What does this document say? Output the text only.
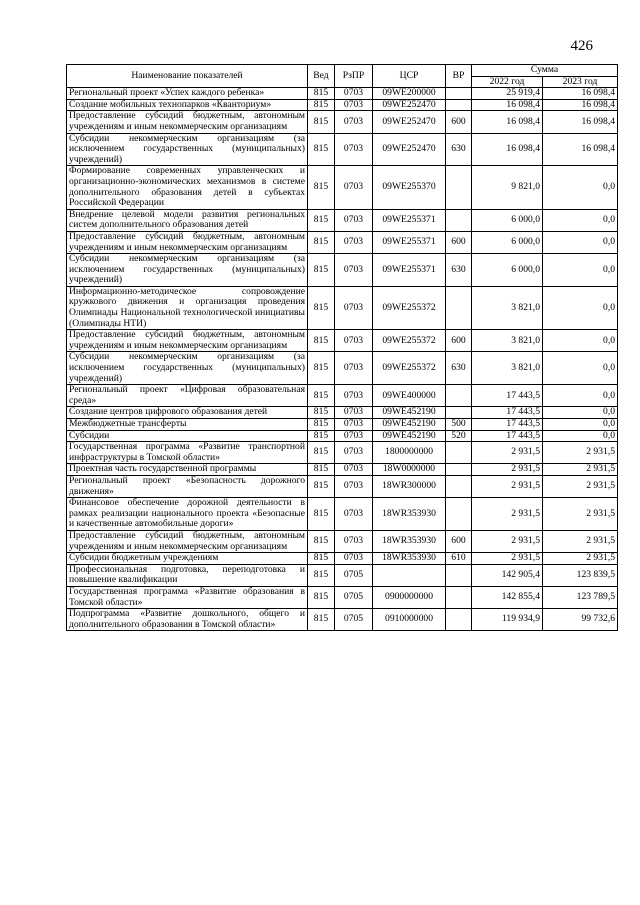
426
Наименование показателей	Вед	РзПР	ЦСР	ВР	Сумма	
					2022 год	2023 год
Региональный проект «Успех каждого ребенка»	815	0703	09WE200000		25 919,4	16 098,4
Создание мобильных технопарков «Кванториум»	815	0703	09WE252470		16 098,4	16 098,4
Предоставление субсидий бюджетным, автономным учреждениям и иным некоммерческим организациям	815	0703	09WE252470	600	16 098,4	16 098,4
Субсидии некоммерческим организациям (за исключением государственных (муниципальных) учреждений)	815	0703	09WE252470	630	16 098,4	16 098,4
Формирование современных управленческих и организационно-экономических механизмов в системе дополнительного образования детей в субъектах Российской Федерации	815	0703	09WE255370		9 821,0	0,0
Внедрение целевой модели развития региональных систем дополнительного образования детей	815	0703	09WE255371		6 000,0	0,0
Предоставление субсидий бюджетным, автономным учреждениям и иным некоммерческим организациям	815	0703	09WE255371	600	6 000,0	0,0
Субсидии некоммерческим организациям (за исключением государственных (муниципальных) учреждений)	815	0703	09WE255371	630	6 000,0	0,0
Информационно-методическое сопровождение кружкового движения и организация проведения Олимпиады Национальной технологической инициативы (Олимпиады НТИ)	815	0703	09WE255372		3 821,0	0,0
Предоставление субсидий бюджетным, автономным учреждениям и иным некоммерческим организациям	815	0703	09WE255372	600	3 821,0	0,0
Субсидии некоммерческим организациям (за исключением государственных (муниципальных) учреждений)	815	0703	09WE255372	630	3 821,0	0,0
Региональный проект «Цифровая образовательная среда»	815	0703	09WE400000		17 443,5	0,0
Создание центров цифрового образования детей	815	0703	09WE452190		17 443,5	0,0
Межбюджетные трансферты	815	0703	09WE452190	500	17 443,5	0,0
Субсидии	815	0703	09WE452190	520	17 443,5	0,0
Государственная программа «Развитие транспортной инфраструктуры в Томской области»	815	0703	1800000000		2 931,5	2 931,5
Проектная часть государственной программы	815	0703	18W0000000		2 931,5	2 931,5
Региональный проект «Безопасность дорожного движения»	815	0703	18WR300000		2 931,5	2 931,5
Финансовое обеспечение дорожной деятельности в рамках реализации национального проекта «Безопасные и качественные автомобильные дороги»	815	0703	18WR353930		2 931,5	2 931,5
Предоставление субсидий бюджетным, автономным учреждениям и иным некоммерческим организациям	815	0703	18WR353930	600	2 931,5	2 931,5
Субсидии бюджетным учреждениям	815	0703	18WR353930	610	2 931,5	2 931,5
Профессиональная подготовка, переподготовка и повышение квалификации	815	0705			142 905,4	123 839,5
Государственная программа «Развитие образования в Томской области»	815	0705	0900000000		142 855,4	123 789,5
Подпрограмма «Развитие дошкольного, общего и дополнительного образования в Томской области»	815	0705	0910000000		119 934,9	99 732,6
